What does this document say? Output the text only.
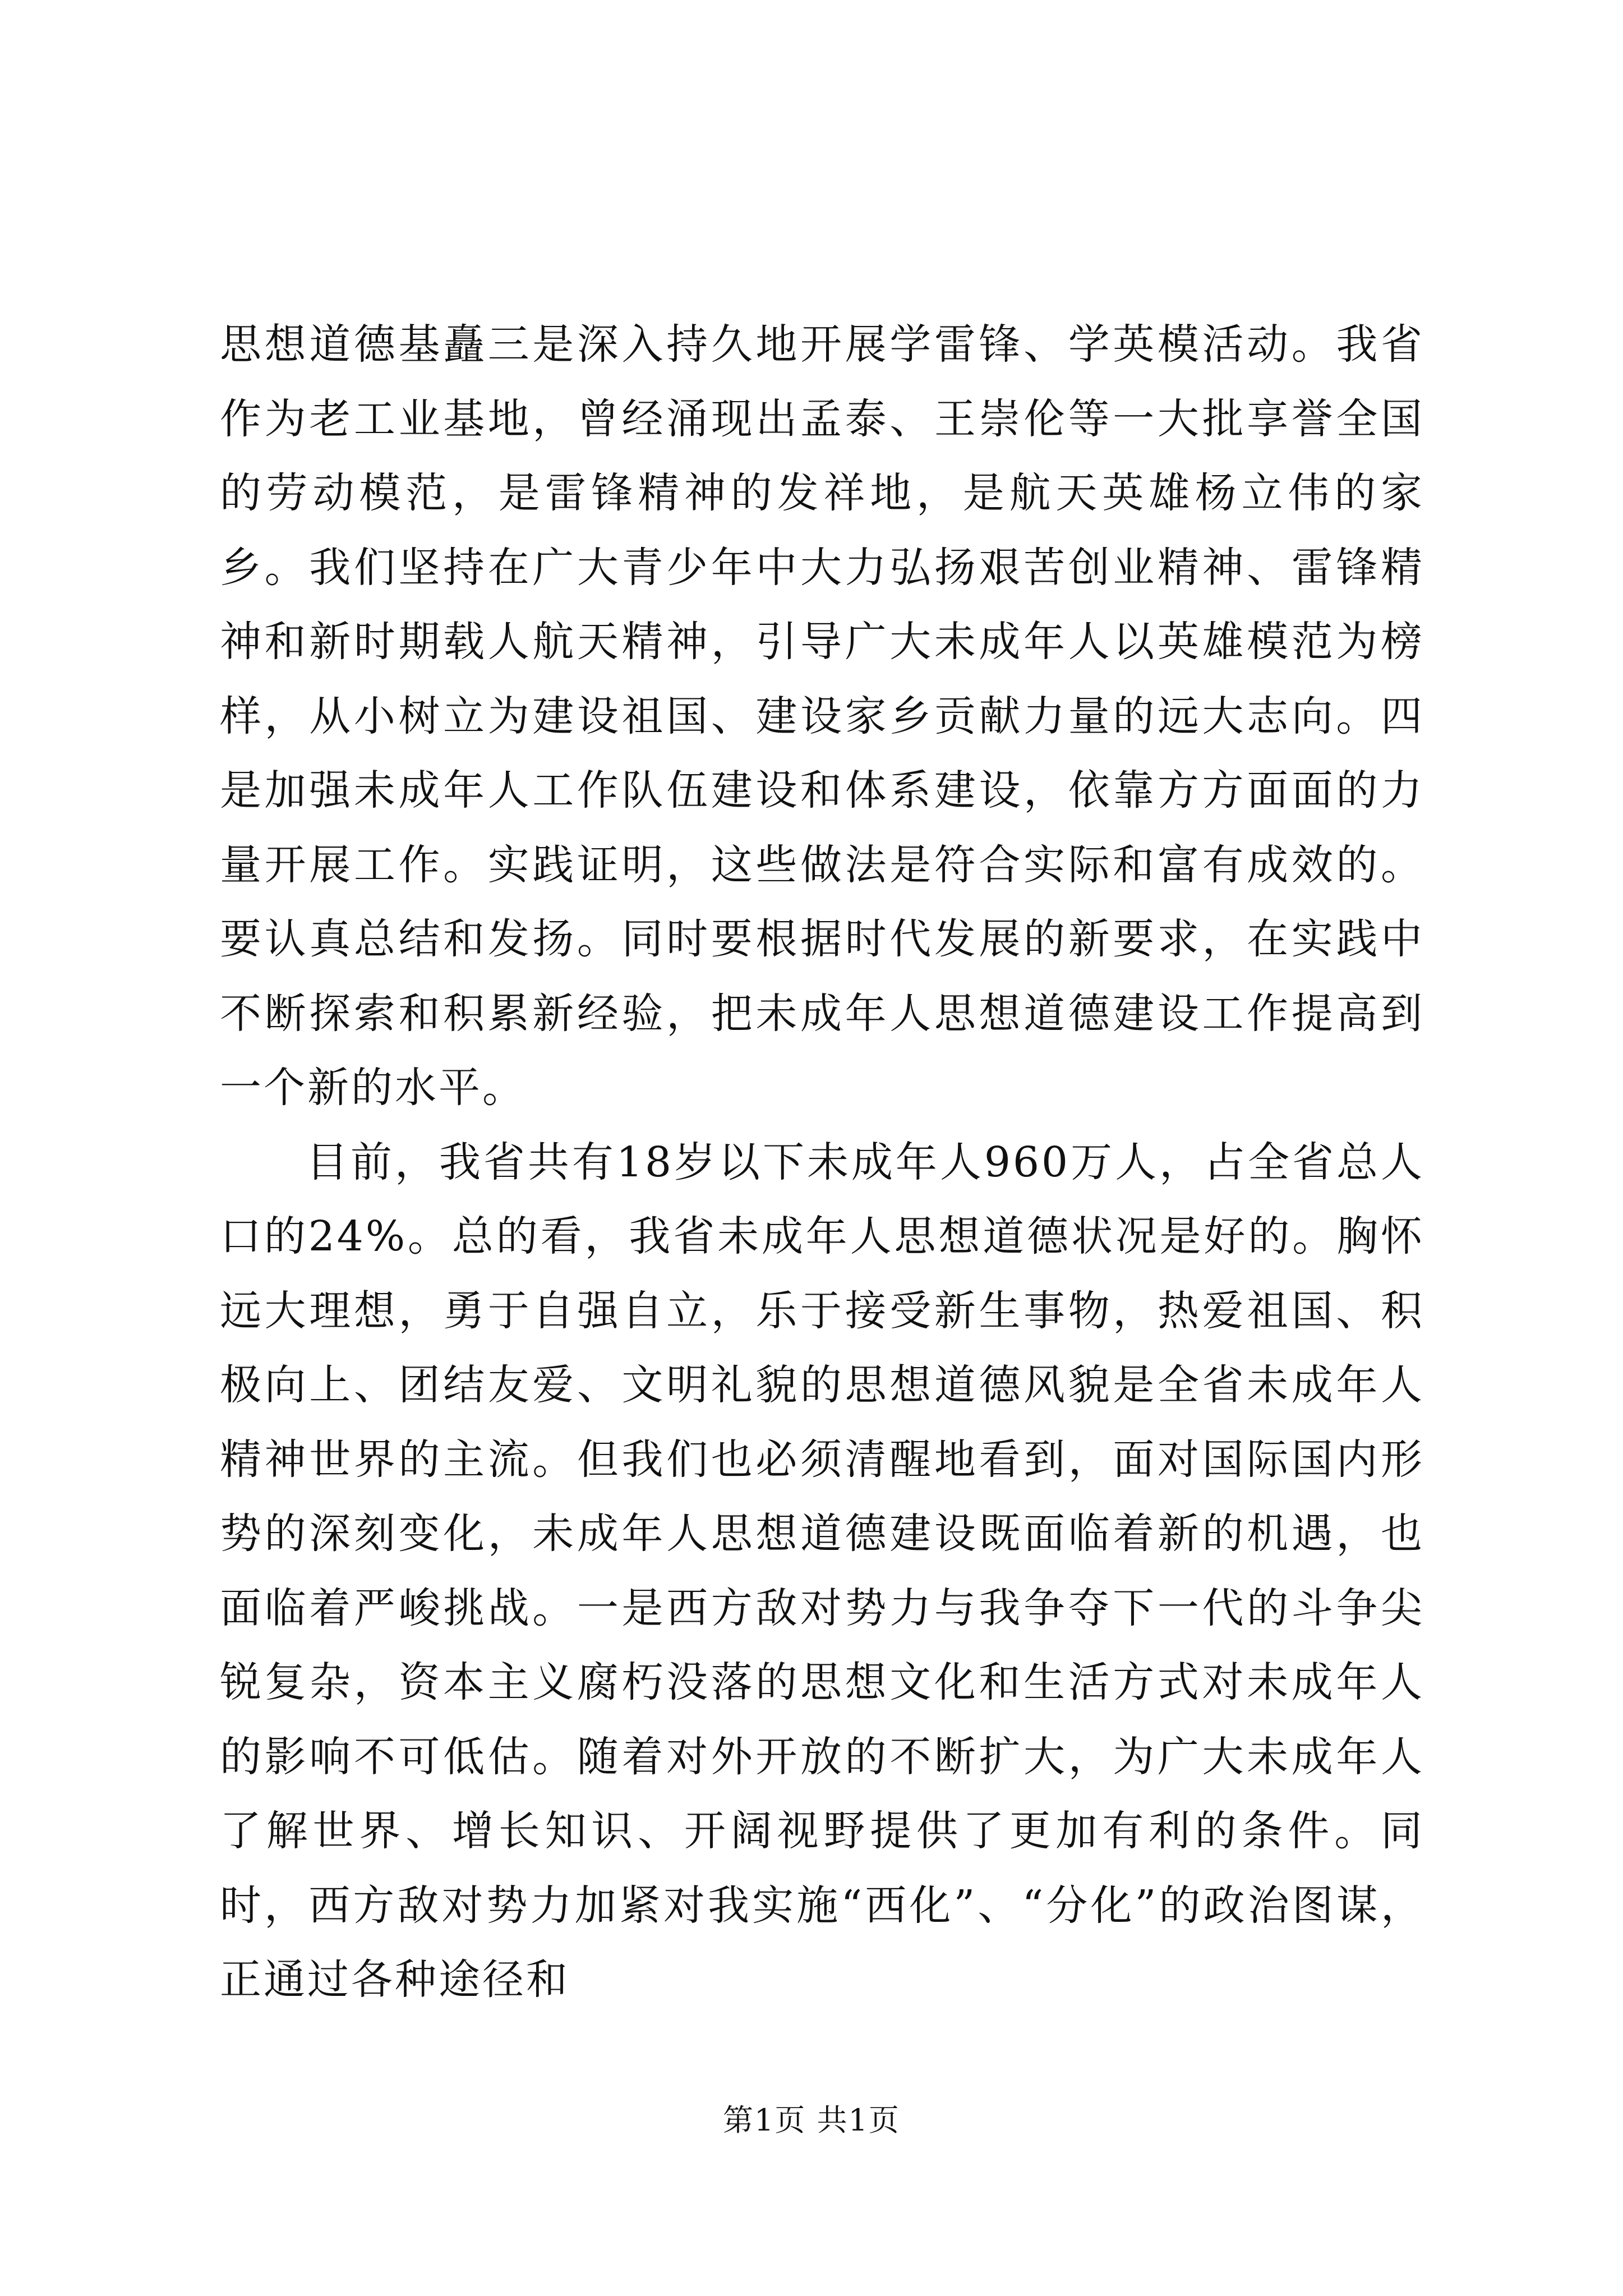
思想道德基矗三是深入持久地开展学雷锋、学英模活动。我省作为老工业基地，曾经涌现出孟泰、王崇伦等一大批享誉全国的劳动模范，是雷锋精神的发祥地，是航天英雄杨立伟的家乡。我们坚持在广大青少年中大力弘扬艰苦创业精神、雷锋精神和新时期载人航天精神，引导广大未成年人以英雄模范为榜样，从小树立为建设祖国、建设家乡贡献力量的远大志向。四是加强未成年人工作队伍建设和体系建设，依靠方方面面的力量开展工作。实践证明，这些做法是符合实际和富有成效的。要认真总结和发扬。同时要根据时代发展的新要求，在实践中不断探索和积累新经验，把未成年人思想道德建设工作提高到一个新的水平。

目前，我省共有18岁以下未成年人960万人，占全省总人口的24%。总的看，我省未成年人思想道德状况是好的。胸怀远大理想，勇于自强自立，乐于接受新生事物，热爱祖国、积极向上、团结友爱、文明礼貌的思想道德风貌是全省未成年人精神世界的主流。但我们也必须清醒地看到，面对国际国内形势的深刻变化，未成年人思想道德建设既面临着新的机遇，也面临着严峻挑战。一是西方敌对势力与我争夺下一代的斗争尖锐复杂，资本主义腐朽没落的思想文化和生活方式对未成年人的影响不可低估。随着对外开放的不断扩大，为广大未成年人了解世界、增长知识、开阔视野提供了更加有利的条件。同时，西方敌对势力加紧对我实施“西化”、“分化”的政治图谋，正通过各种途径和

第1页 共1页
